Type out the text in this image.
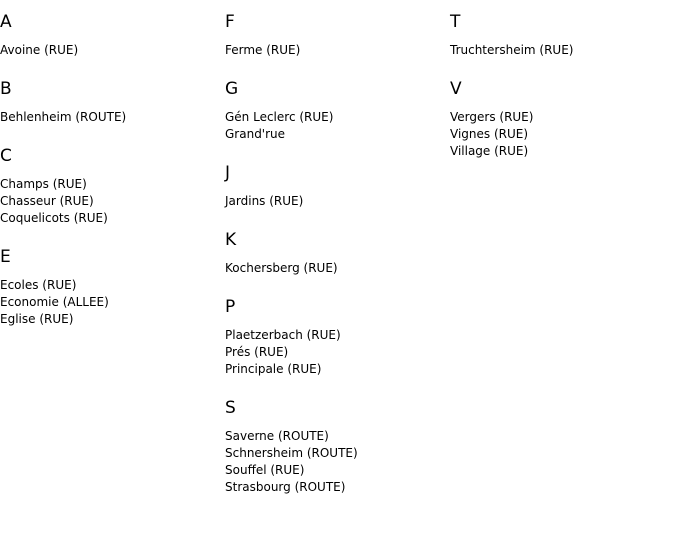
A
Avoine (RUE)
B
Behlenheim (ROUTE)
C
Champs (RUE)
Chasseur (RUE)
Coquelicots (RUE)
E
Ecoles (RUE)
Economie (ALLEE)
Eglise (RUE)
F
Ferme (RUE)
G
Gén Leclerc (RUE)
Grand'rue
J
Jardins (RUE)
K
Kochersberg (RUE)
P
Plaetzerbach (RUE)
Prés (RUE)
Principale (RUE)
S
Saverne (ROUTE)
Schnersheim (ROUTE)
Souffel (RUE)
Strasbourg (ROUTE)
T
Truchtersheim (RUE)
V
Vergers (RUE)
Vignes (RUE)
Village (RUE)
